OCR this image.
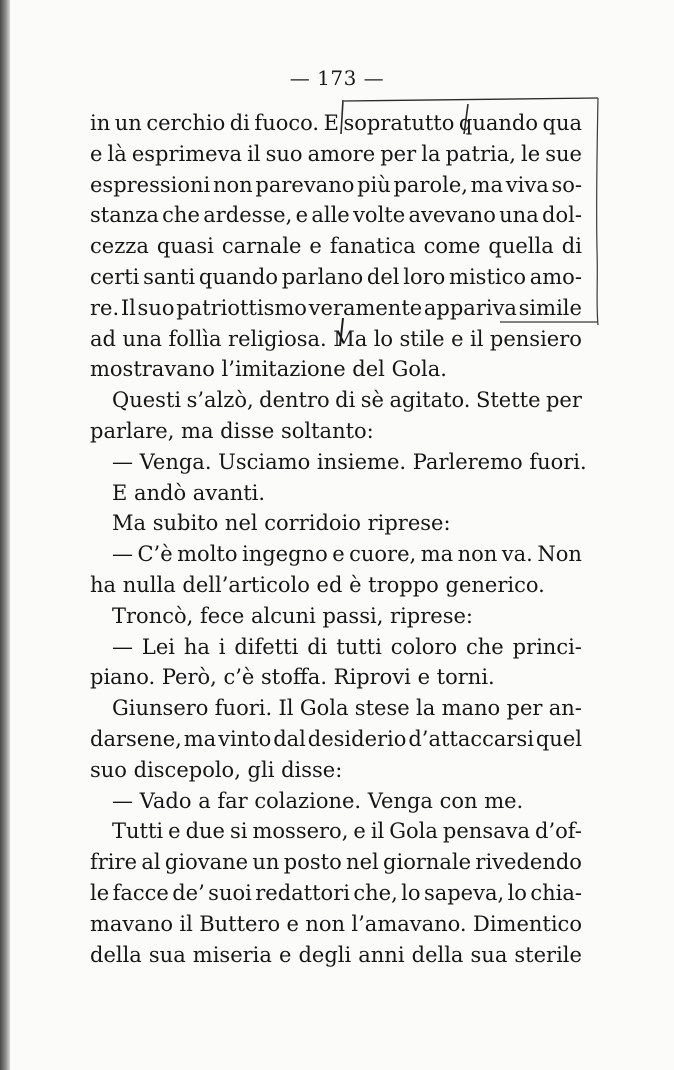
— 173 —
in un cerchio di fuoco. E sopratutto quando qua
e là esprimeva il suo amore per la patria, le sue
espressioni non parevano più parole, ma viva so-
stanza che ardesse, e alle volte avevano una dol-
cezza quasi carnale e fanatica come quella di
certi santi quando parlano del loro mistico amo-
re. Il suo patriottismo veramente appariva simile
ad una follìa religiosa. Ma lo stile e il pensiero
mostravano l’imitazione del Gola.
Questi s’alzò, dentro di sè agitato. Stette per
parlare, ma disse soltanto:
— Venga. Usciamo insieme. Parleremo fuori.
E andò avanti.
Ma subito nel corridoio riprese:
— C’è molto ingegno e cuore, ma non va. Non
ha nulla dell’articolo ed è troppo generico.
Troncò, fece alcuni passi, riprese:
— Lei ha i difetti di tutti coloro che princi-
piano. Però, c’è stoffa. Riprovi e torni.
Giunsero fuori. Il Gola stese la mano per an-
darsene, ma vinto dal desiderio d’attaccarsi quel
suo discepolo, gli disse:
— Vado a far colazione. Venga con me.
Tutti e due si mossero, e il Gola pensava d’of-
frire al giovane un posto nel giornale rivedendo
le facce de’ suoi redattori che, lo sapeva, lo chia-
mavano il Buttero e non l’amavano. Dimentico
della sua miseria e degli anni della sua sterile
